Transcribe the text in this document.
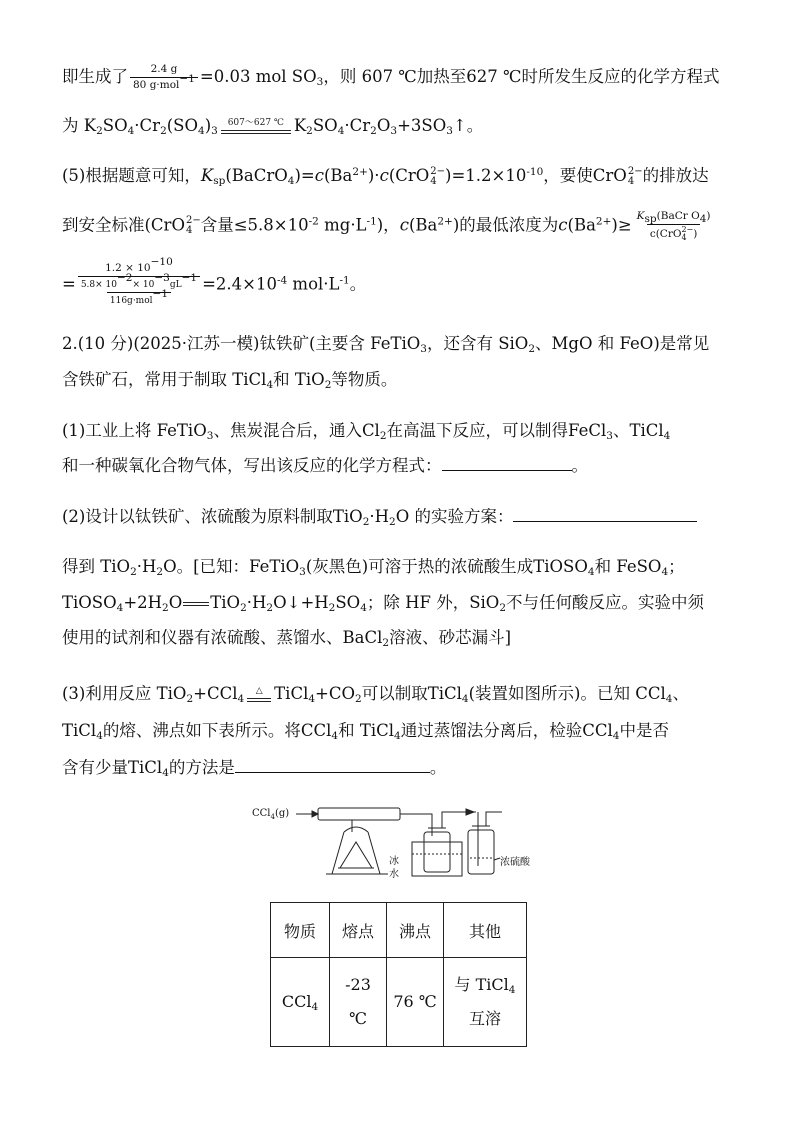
即生成了 $\frac{2.4 g}{80 g\cdot mol^{-1}} =0.03$ mol $SO_3$，则 607 ℃加热至627 ℃时所发生反应的化学方程式
为 $K_2SO_4\cdot Cr_2(SO_4)_3$
607～627 ℃ $K_2SO_4\cdot Cr_2O_3+3SO_3↑$。
(5)根据题意可知，$K_{sp}(BaCrO_4)=c(Ba^{2+})\cdot c(CrO$ 2−
4 )$=1.2\times 10^{-10}$，要使CrO 2−
4 的排放达
到安全标准(CrO 2−
4 含量$\le 5.8\times 10^{-2}$ $mg\cdot L^{-1}$)，$c(Ba^{2+})$的最低浓度为$c(Ba^{2+})\ge$ $K_{sp}(BaCr$ $O_4$)
c(CrO 2−
4 )
=
$1.2 \times 10^{-10}$
$5.8\times 10^{-2}\times 10^{-3}gL^{-1}$
116g·mol$^{-1}$
$=2.4\times 10^{-4}$ $mol\cdot L^{-1}$。
2.(10 分)(2025·江苏一模)钛铁矿(主要含 FeTiO$_3$，还含有 SiO$_2$、MgO 和 FeO)是常见
含铁矿石，常用于制取 TiCl$_4$和 TiO$_2$等物质。
(1)工业上将 FeTiO$_3$、焦炭混合后，通入$Cl_2$在高温下反应，可以制得FeCl$_3$、TiCl$_4$
和一种碳氧化合物气体，写出该反应的化学方程式：	。
(2)设计以钛铁矿、浓硫酸为原料制取$TiO_2\cdot H_2O$ 的实验方案：
得到 $TiO_2\cdot H_2O$。[已知：FeTiO$_3$(灰黑色)可溶于热的浓硫酸生成TiOSO$_4$和 FeSO$_4$；
$TiOSO_4+2H_2O$ $TiO_2\cdot H_2O↓+H_2SO_4$；除 HF 外，SiO$_2$不与任何酸反应。实验中须
使用的试剂和仪器有浓硫酸、蒸馏水、BaCl$_2$溶液、砂芯漏斗]
(3)利用反应 TiO$_2$+CCl$_4$
△ $TiCl_4+CO_2$可以制取TiCl$_4$(装置如图所示)。已知 CCl$_4$、
TiCl$_4$的熔、沸点如下表所示。将CCl$_4$和 TiCl$_4$通过蒸馏法分离后，检验CCl$_4$中是否
含有少量TiCl$_4$的方法是	。
CCl$_4$(g)
冰
水
浓硫酸
物质	熔点	沸点	其他
CCl$_4$	-23 ℃	76 ℃	与 TiCl$_4$
互溶
